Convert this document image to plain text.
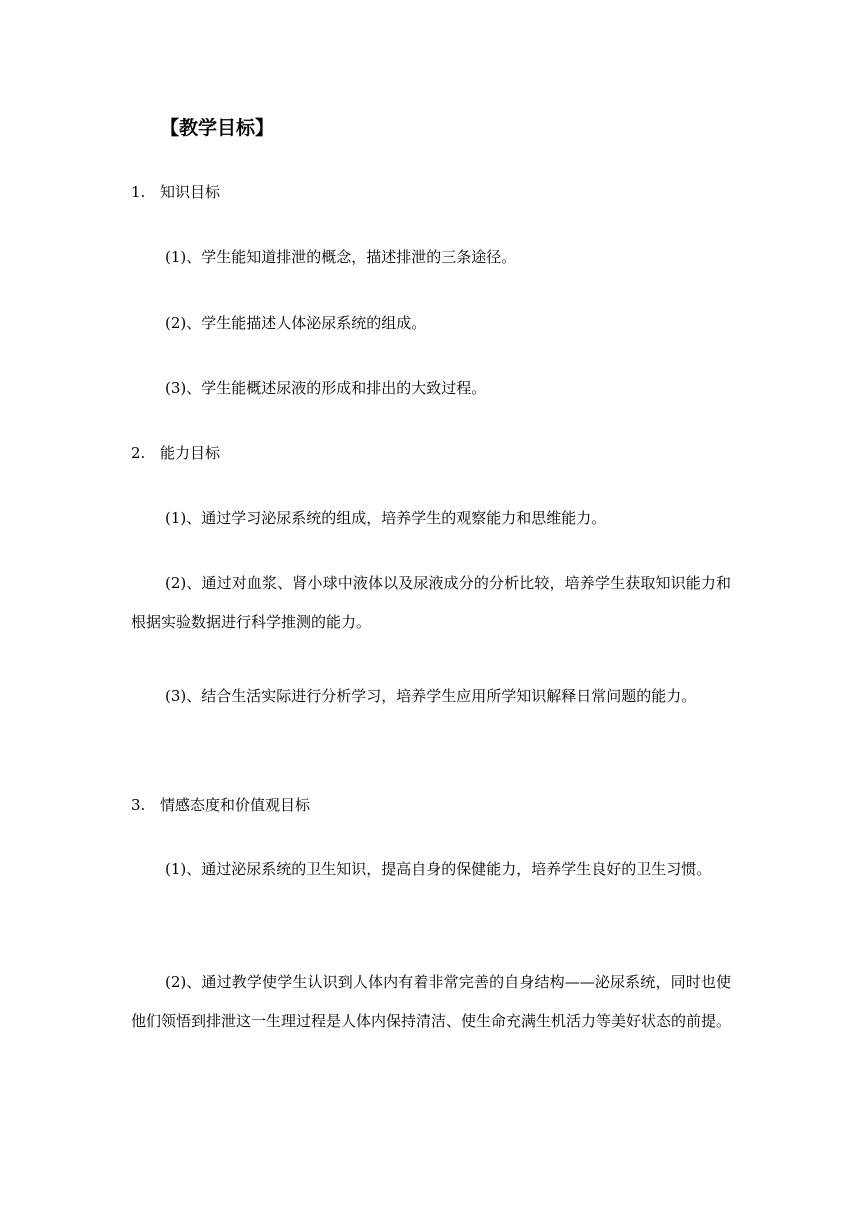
【教学目标】
1. 知识目标
(1)、学生能知道排泄的概念，描述排泄的三条途径。
(2)、学生能描述人体泌尿系统的组成。
(3)、学生能概述尿液的形成和排出的大致过程。
2. 能力目标
(1)、通过学习泌尿系统的组成，培养学生的观察能力和思维能力。
(2)、通过对血浆、肾小球中液体以及尿液成分的分析比较，培养学生获取知识能力和根据实验数据进行科学推测的能力。
(3)、结合生活实际进行分析学习，培养学生应用所学知识解释日常问题的能力。
3. 情感态度和价值观目标
(1)、通过泌尿系统的卫生知识，提高自身的保健能力，培养学生良好的卫生习惯。
(2)、通过教学使学生认识到人体内有着非常完善的自身结构——泌尿系统，同时也使他们领悟到排泄这一生理过程是人体内保持清洁、使生命充满生机活力等美好状态的前提。
